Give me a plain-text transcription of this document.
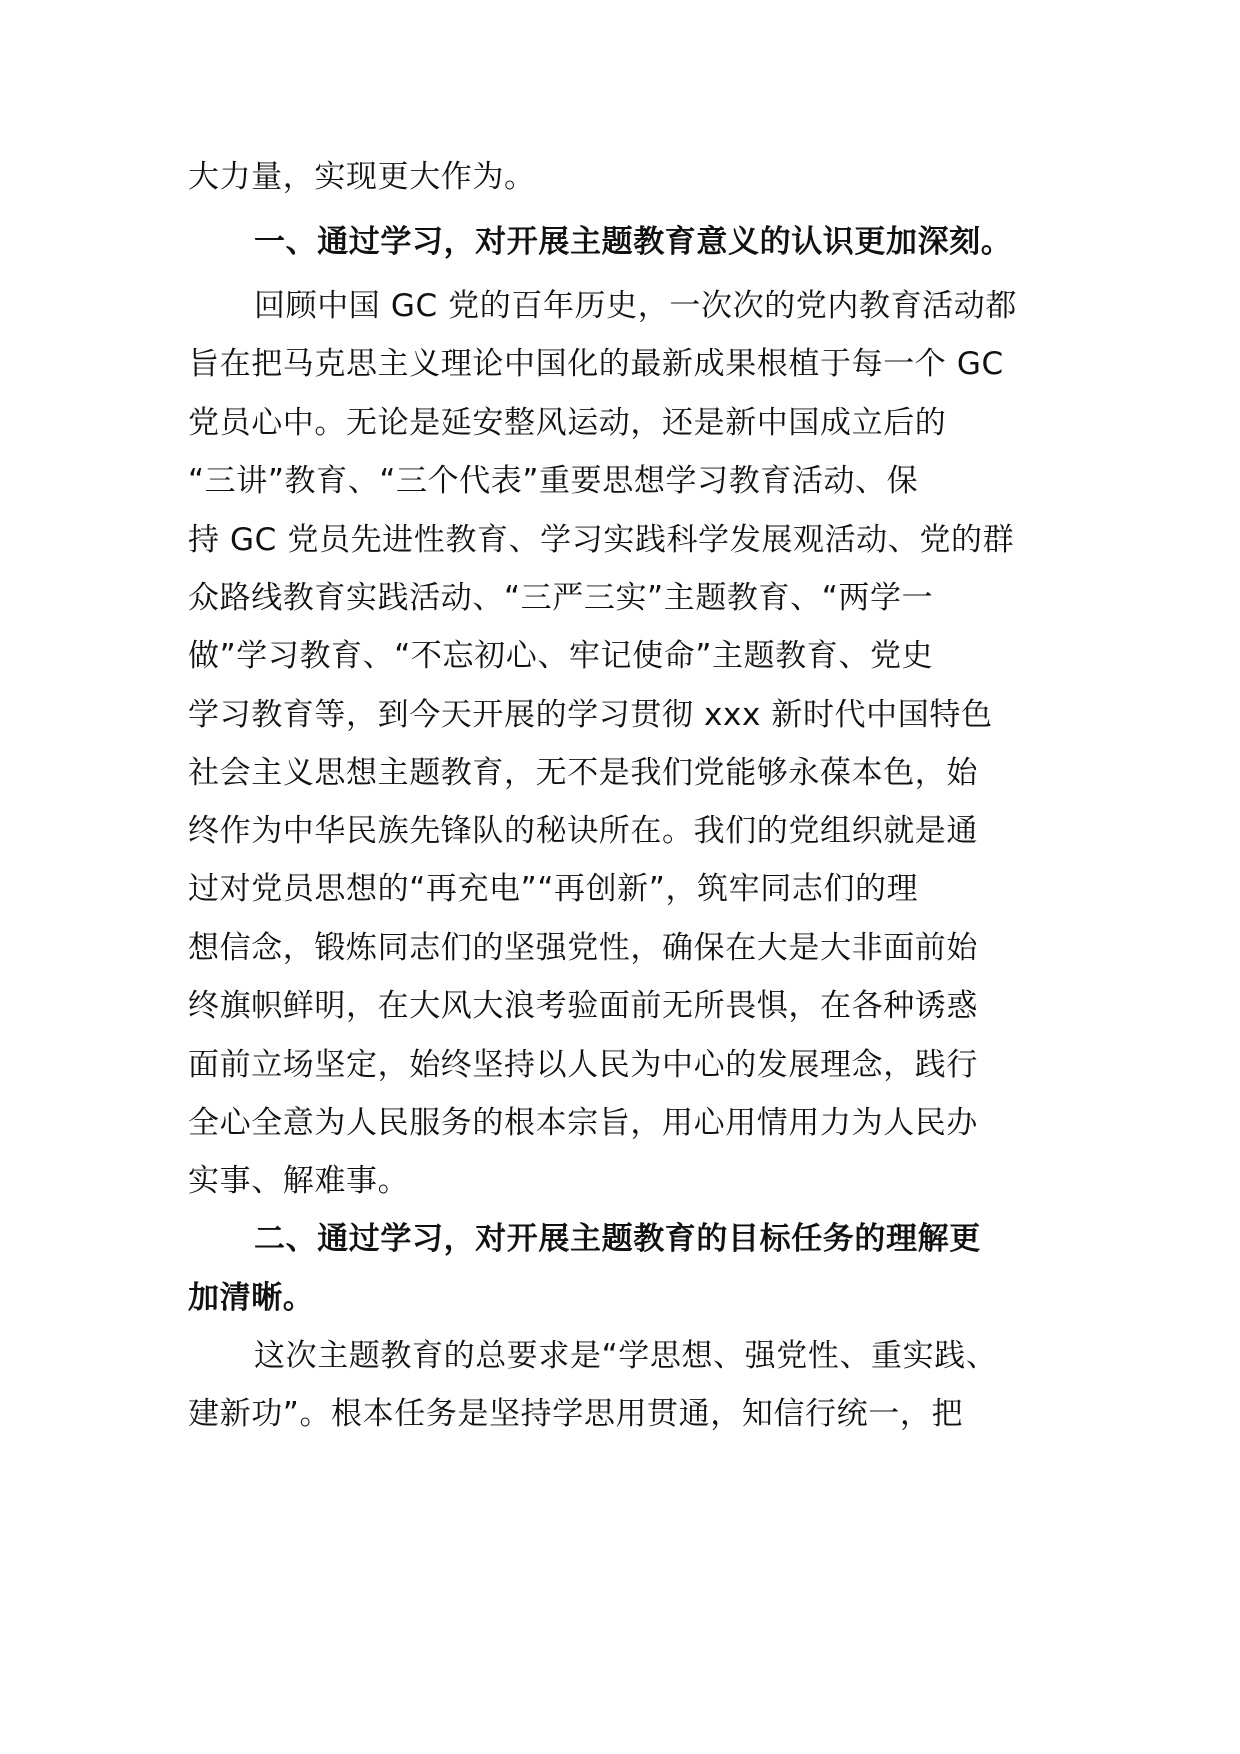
大力量，实现更大作为。
一、通过学习，对开展主题教育意义的认识更加深刻。
回顾中国 GC 党的百年历史，一次次的党内教育活动都
旨在把马克思主义理论中国化的最新成果根植于每一个 GC
党员心中。无论是延安整风运动，还是新中国成立后的
“三讲”教育、“三个代表”重要思想学习教育活动、保
持 GC 党员先进性教育、学习实践科学发展观活动、党的群
众路线教育实践活动、“三严三实”主题教育、“两学一
做”学习教育、“不忘初心、牢记使命”主题教育、党史
学习教育等，到今天开展的学习贯彻 xxx 新时代中国特色
社会主义思想主题教育，无不是我们党能够永葆本色，始
终作为中华民族先锋队的秘诀所在。我们的党组织就是通
过对党员思想的“再充电”“再创新”，筑牢同志们的理
想信念，锻炼同志们的坚强党性，确保在大是大非面前始
终旗帜鲜明，在大风大浪考验面前无所畏惧，在各种诱惑
面前立场坚定，始终坚持以人民为中心的发展理念，践行
全心全意为人民服务的根本宗旨，用心用情用力为人民办
实事、解难事。
二、通过学习，对开展主题教育的目标任务的理解更
加清晰。
这次主题教育的总要求是“学思想、强党性、重实践、
建新功”。根本任务是坚持学思用贯通，知信行统一，把
